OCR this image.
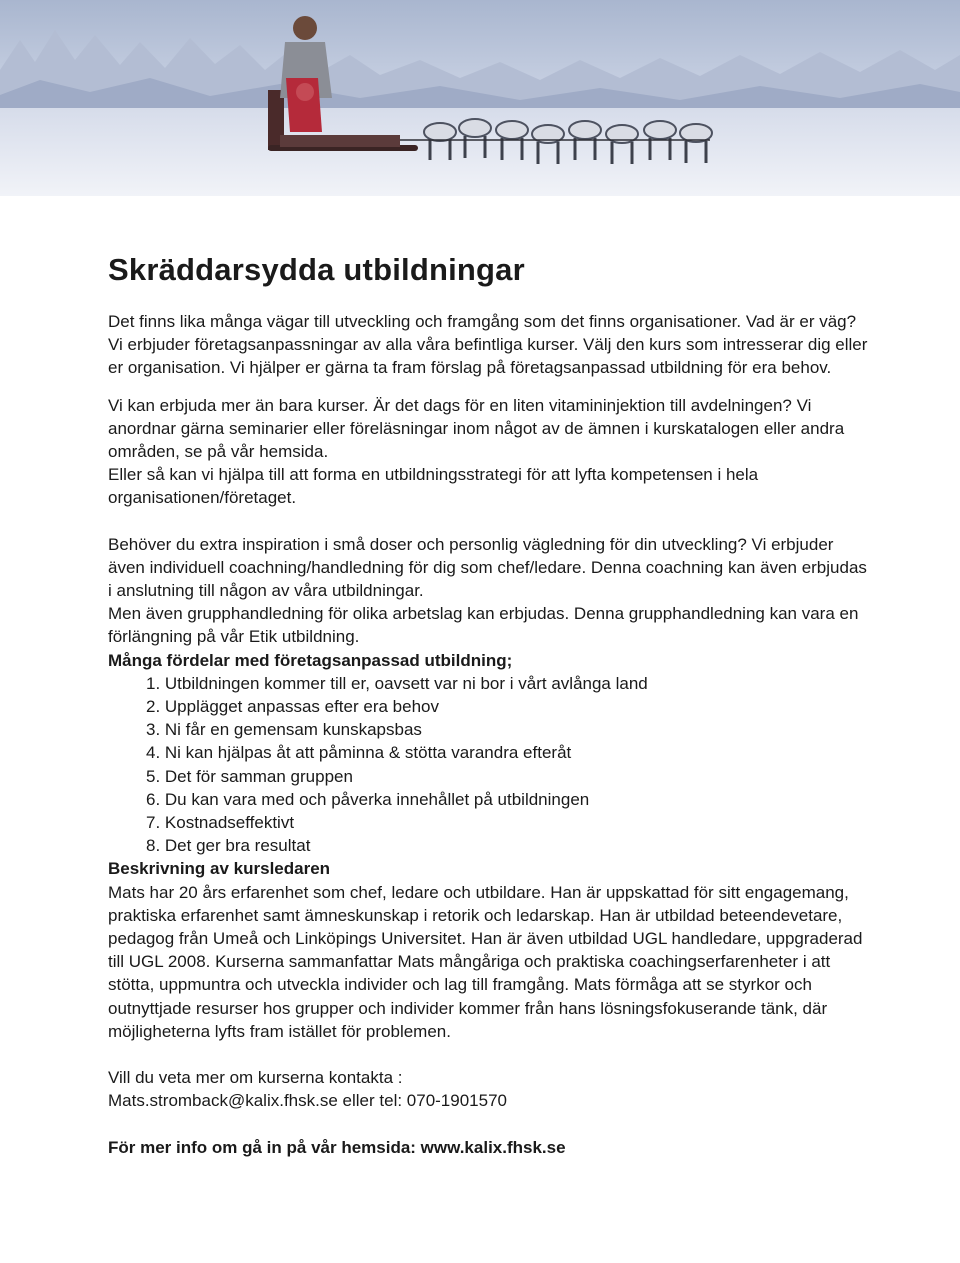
Skräddarsydda utbildningar

Det finns lika många vägar till utveckling och framgång som det finns organisationer. Vad är er väg? Vi erbjuder företagsanpassningar av alla våra befintliga kurser. Välj den kurs som intresserar dig eller er organisation. Vi hjälper er gärna ta fram förslag på företagsanpassad utbildning för era behov.

Vi kan erbjuda mer än bara kurser. Är det dags för en liten vitamininjektion till avdelningen? Vi anordnar gärna seminarier eller föreläsningar inom något av de ämnen i kurskatalogen eller andra områden, se på vår hemsida.

Eller så kan vi hjälpa till att forma en utbildningsstrategi för att lyfta kompetensen i hela organisationen/företaget.

Behöver du extra inspiration i små doser och personlig vägledning för din utveckling? Vi erbjuder även individuell coachning/handledning för dig som chef/ledare. Denna coachning kan även erbjudas i anslutning till någon av våra utbildningar.

Men även grupphandledning för olika arbetslag kan erbjudas. Denna grupphandledning kan vara en förlängning på vår Etik utbildning.

Många fördelar med företagsanpassad utbildning;

1. Utbildningen kommer till er, oavsett var ni bor i vårt avlånga land
2. Upplägget anpassas efter era behov
3. Ni får en gemensam kunskapsbas
4. Ni kan hjälpas åt att påminna & stötta varandra efteråt
5. Det för samman gruppen
6. Du kan vara med och påverka innehållet på utbildningen
7. Kostnadseffektivt
8. Det ger bra resultat

Beskrivning av kursledaren

Mats har 20 års erfarenhet som chef, ledare och utbildare. Han är uppskattad för sitt engagemang, praktiska erfarenhet samt ämneskunskap i retorik och ledarskap. Han är utbildad beteendevetare, pedagog från Umeå och Linköpings Universitet. Han är även utbildad UGL handledare, uppgraderad till UGL 2008. Kurserna sammanfattar Mats mångåriga och praktiska coachingserfarenheter i att stötta, uppmuntra och utveckla individer och lag till framgång. Mats förmåga att se styrkor och outnyttjade resurser hos grupper och individer kommer från hans lösningsfokuserande tänk, där möjligheterna lyfts fram istället för problemen.

Vill du veta mer om kurserna kontakta :

Mats.stromback@kalix.fhsk.se eller tel: 070-1901570

För mer info om gå in på vår hemsida: www.kalix.fhsk.se
